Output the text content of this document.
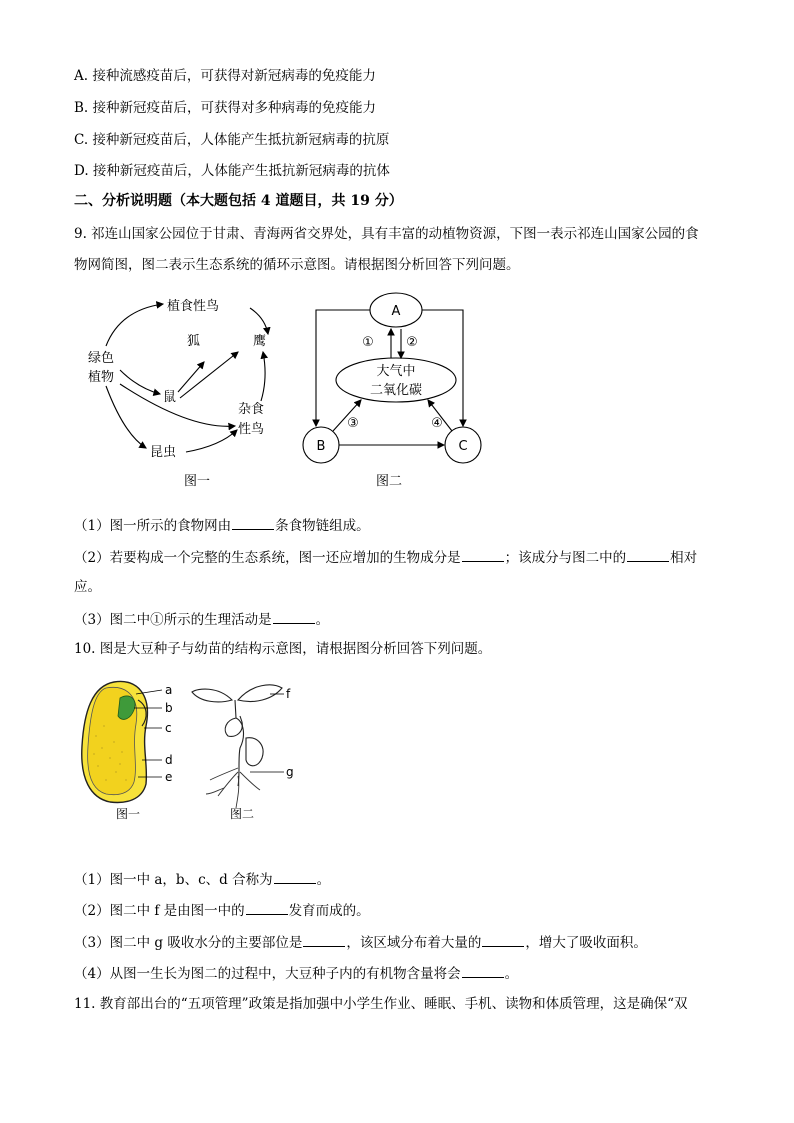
A. 接种流感疫苗后，可获得对新冠病毒的免疫能力
B. 接种新冠疫苗后，可获得对多种病毒的免疫能力
C. 接种新冠疫苗后，人体能产生抵抗新冠病毒的抗原
D. 接种新冠疫苗后，人体能产生抵抗新冠病毒的抗体
二、分析说明题（本大题包括 4 道题目，共 19 分）
9. 祁连山国家公园位于甘肃、青海两省交界处，具有丰富的动植物资源，下图一表示祁连山国家公园的食
物网简图，图二表示生态系统的循环示意图。请根据图分析回答下列问题。
绿色
植物
植食性鸟
狐	鹰
鼠
杂食
性鸟
昆虫
图一
A
大气中
二氧化碳
B	C
① ②
③	④
图二
（1）图一所示的食物网由	条食物链组成。
（2）若要构成一个完整的生态系统，图一还应增加的生物成分是	；该成分与图二中的	相对
应。
（3）图二中①所示的生理活动是	。
10. 图是大豆种子与幼苗的结构示意图，请根据图分析回答下列问题。
a
b
c
d
e
图一
f
g
图二
（1）图一中 a，b、c、d 合称为	。
（2）图二中 f 是由图一中的	发育而成的。
（3）图二中 g 吸收水分的主要部位是	，该区域分布着大量的	，增大了吸收面积。
（4）从图一生长为图二的过程中，大豆种子内的有机物含量将会	。
11. 教育部出台的“五项管理”政策是指加强中小学生作业、睡眠、手机、读物和体质管理，这是确保“双
